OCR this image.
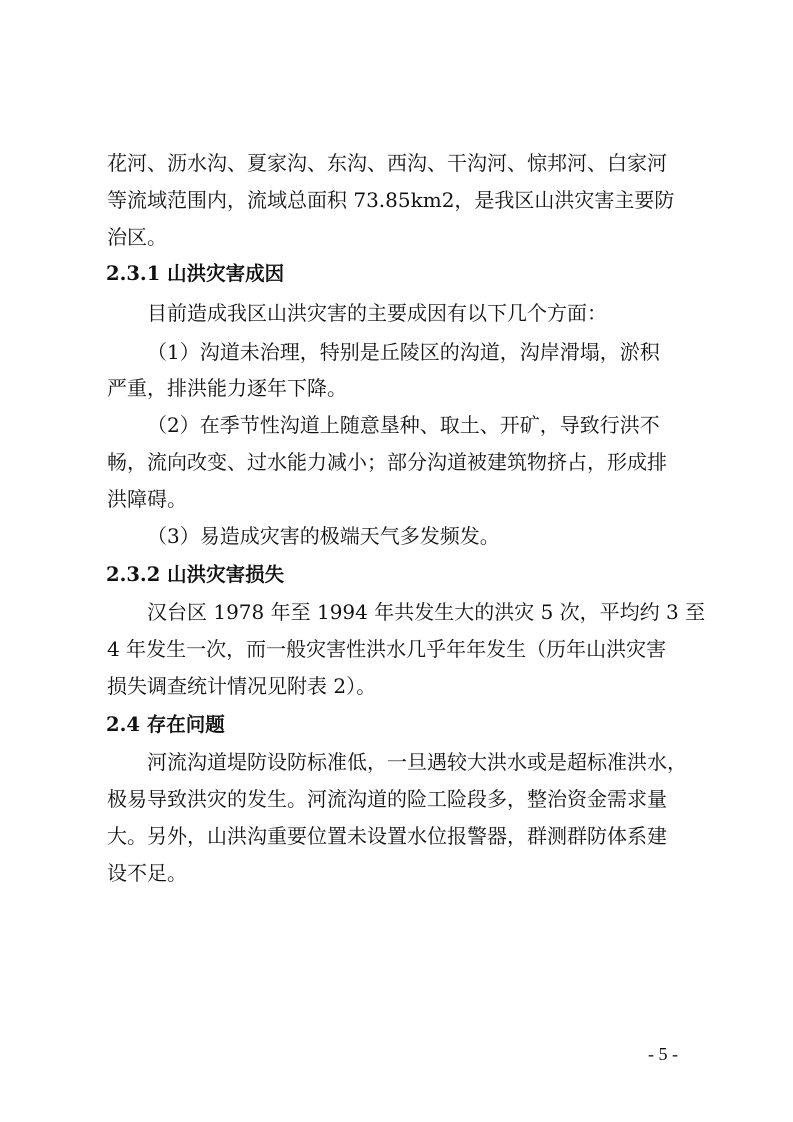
花河、沥水沟、夏家沟、东沟、西沟、干沟河、惊邦河、白家河
等流域范围内，流域总面积 73.85km2，是我区山洪灾害主要防
治区。
2.3.1 山洪灾害成因
目前造成我区山洪灾害的主要成因有以下几个方面：
（1）沟道未治理，特别是丘陵区的沟道，沟岸滑塌，淤积
严重，排洪能力逐年下降。
（2）在季节性沟道上随意垦种、取土、开矿，导致行洪不
畅，流向改变、过水能力减小；部分沟道被建筑物挤占，形成排
洪障碍。
（3）易造成灾害的极端天气多发频发。
2.3.2 山洪灾害损失
汉台区 1978 年至 1994 年共发生大的洪灾 5 次，平均约 3 至
4 年发生一次，而一般灾害性洪水几乎年年发生（历年山洪灾害
损失调查统计情况见附表 2）。
2.4 存在问题
河流沟道堤防设防标准低，一旦遇较大洪水或是超标准洪水，
极易导致洪灾的发生。河流沟道的险工险段多，整治资金需求量
大。另外，山洪沟重要位置未设置水位报警器，群测群防体系建
设不足。
- 5 -
